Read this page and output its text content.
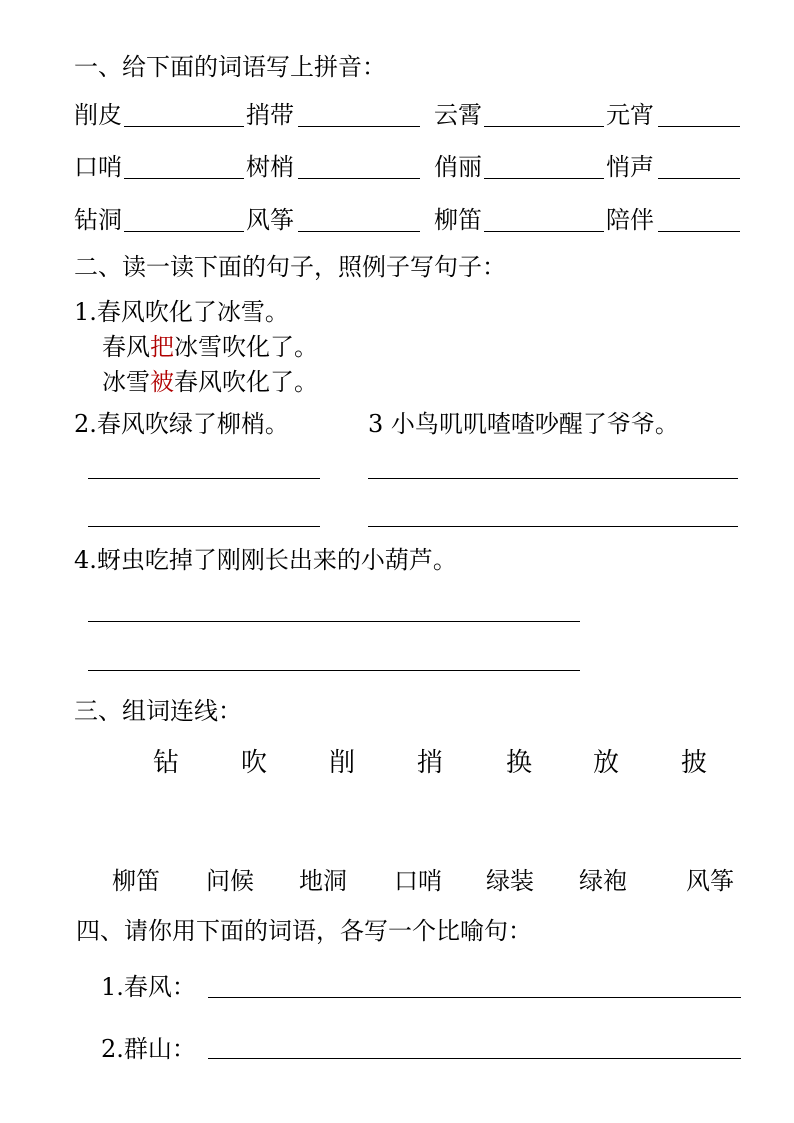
一、给下面的词语写上拼音：
削皮	捎带	云霄	元宵
口哨	树梢	俏丽	悄声
钻洞	风筝	柳笛	陪伴
二、读一读下面的句子，照例子写句子：
1.春风吹化了冰雪。
春风把冰雪吹化了。
冰雪被春风吹化了。
2.春风吹绿了柳梢。	3 小鸟叽叽喳喳吵醒了爷爷。
4.蚜虫吃掉了刚刚长出来的小葫芦。
三、组词连线：
钻 吹 削 捎 换 放 披
柳笛 问候 地洞 口哨 绿装 绿袍 风筝
四、请你用下面的词语，各写一个比喻句：
1.春风：
2.群山：
